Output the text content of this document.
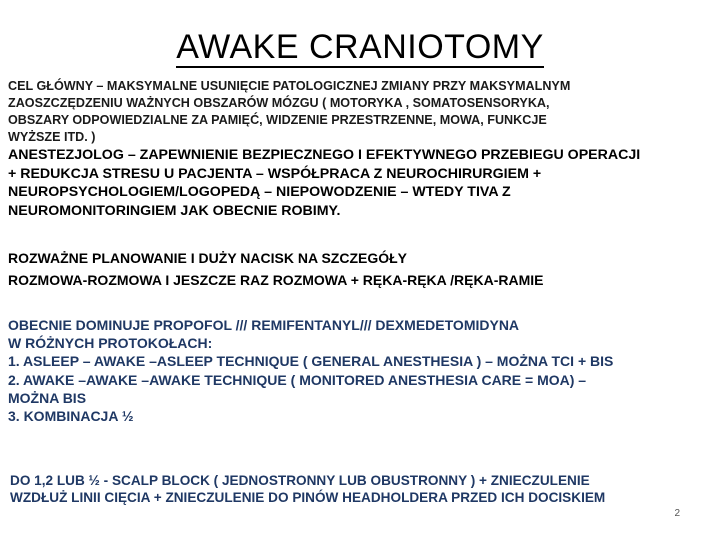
AWAKE CRANIOTOMY
CEL GŁÓWNY – MAKSYMALNE USUNIĘCIE PATOLOGICZNEJ ZMIANY PRZY MAKSYMALNYM
ZAOSZCZĘDZENIU WAŻNYCH OBSZARÓW MÓZGU ( MOTORYKA , SOMATOSENSORYKA,
OBSZARY ODPOWIEDZIALNE ZA PAMIĘĆ, WIDZENIE PRZESTRZENNE, MOWA, FUNKCJE
WYŻSZE ITD. )
ANESTEZJOLOG – ZAPEWNIENIE BEZPIECZNEGO I EFEKTYWNEGO PRZEBIEGU OPERACJI
+ REDUKCJA STRESU U PACJENTA – WSPÓŁPRACA Z NEUROCHIRURGIEM +
NEUROPSYCHOLOGIEM/LOGOPEDĄ – NIEPOWODZENIE – WTEDY TIVA Z
NEUROMONITORINGIEM JAK OBECNIE ROBIMY.
ROZWAŻNE PLANOWANIE I DUŻY NACISK NA SZCZEGÓŁY
ROZMOWA-ROZMOWA I JESZCZE RAZ ROZMOWA + RĘKA-RĘKA /RĘKA-RAMIE
OBECNIE DOMINUJE PROPOFOL /// REMIFENTANYL/// DEXMEDETOMIDYNA
W RÓŻNYCH PROTOKOŁACH:
1. ASLEEP – AWAKE –ASLEEP TECHNIQUE ( GENERAL ANESTHESIA ) – MOŻNA TCI + BIS
2. AWAKE –AWAKE –AWAKE TECHNIQUE ( MONITORED ANESTHESIA CARE = MOA) –
MOŻNA BIS
3. KOMBINACJA ½
DO 1,2 LUB ½ - SCALP BLOCK ( JEDNOSTRONNY LUB OBUSTRONNY ) + ZNIECZULENIE
WZDŁUŻ LINII CIĘCIA + ZNIECZULENIE DO PINÓW HEADHOLDERA PRZED ICH DOCISKIEM
2
